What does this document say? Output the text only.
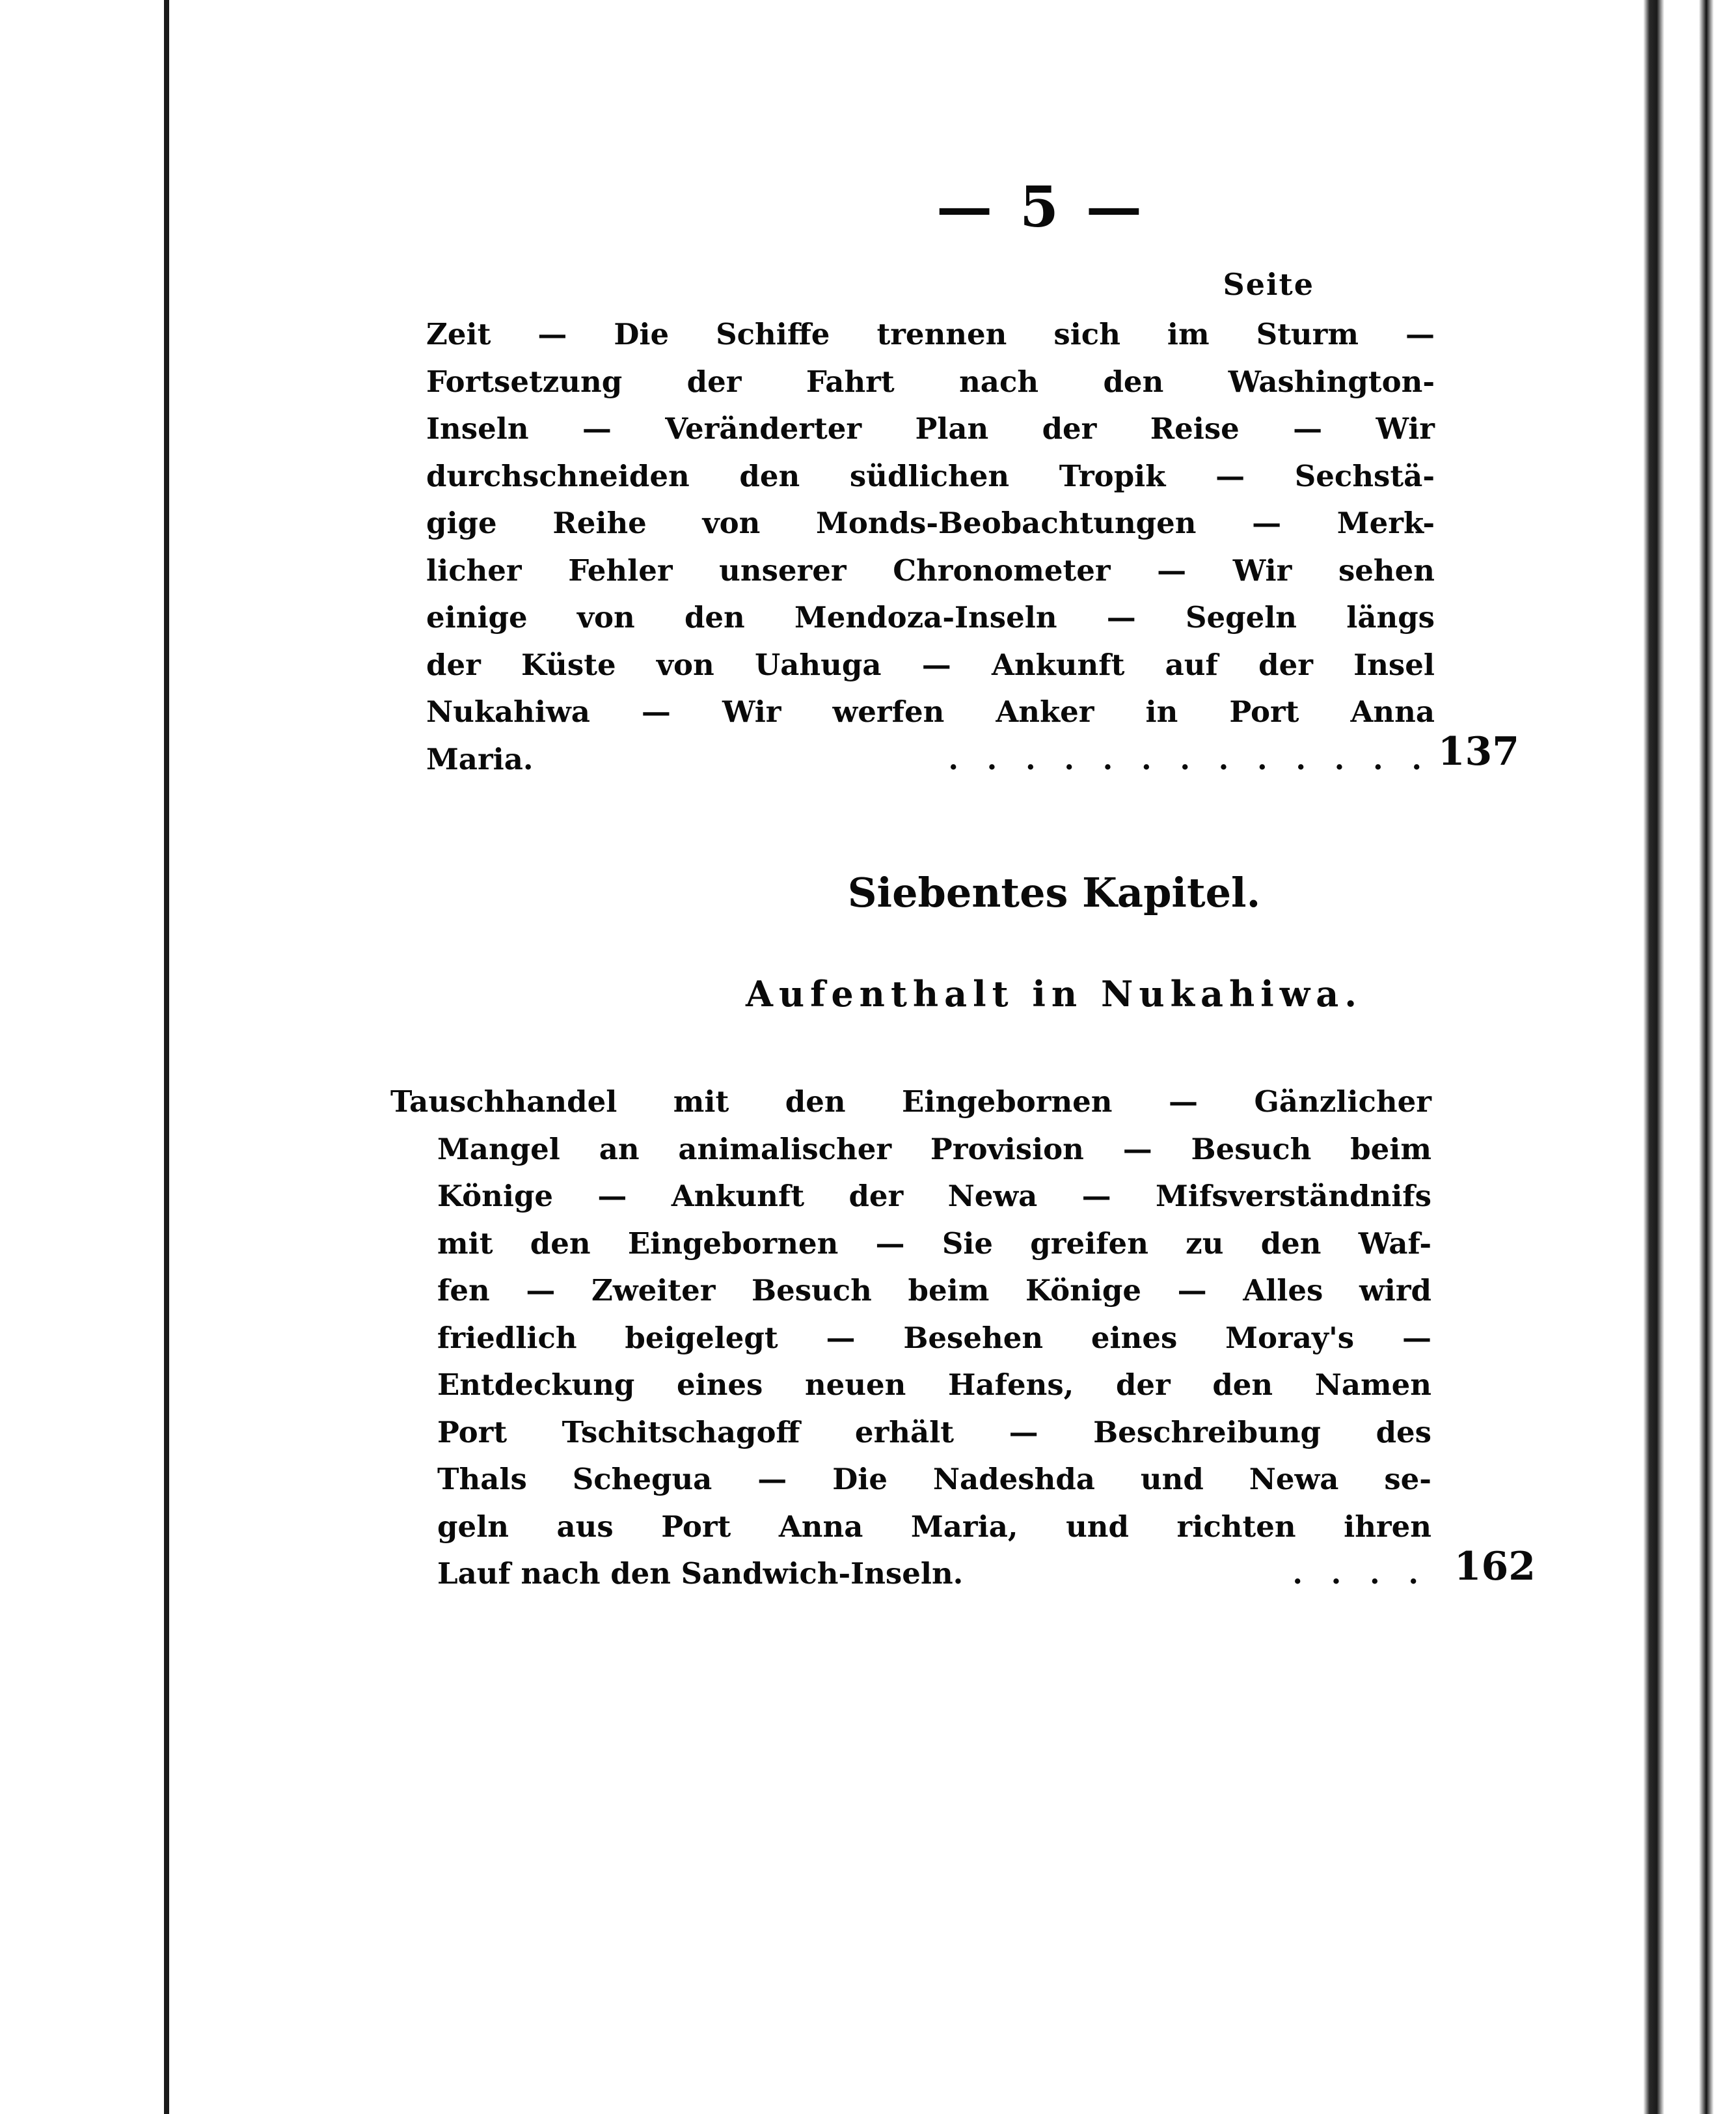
— 5 —
Seite
Zeit — Die Schiffe trennen sich im Sturm —
Fortsetzung der Fahrt nach den Washington-
Inseln — Veränderter Plan der Reise — Wir
durchschneiden den südlichen Tropik — Sechstä-
gige Reihe von Monds-Beobachtungen — Merk-
licher Fehler unserer Chronometer — Wir sehen
einige von den Mendoza-Inseln — Segeln längs
der Küste von Uahuga — Ankunft auf der Insel
Nukahiwa — Wir werfen Anker in Port Anna
Maria.	. . . . . . . . . . . . . 137
Siebentes Kapitel.
Aufenthalt in Nukahiwa.
Tauschhandel mit den Eingebornen — Gänzlicher
Mangel an animalischer Provision — Besuch beim
Könige — Ankunft der Newa — Mifsverständnifs
mit den Eingebornen — Sie greifen zu den Waf-
fen — Zweiter Besuch beim Könige — Alles wird
friedlich beigelegt — Besehen eines Moray's —
Entdeckung eines neuen Hafens, der den Namen
Port Tschitschagoff erhält — Beschreibung des
Thals Schegua — Die Nadeshda und Newa se-
geln aus Port Anna Maria, und richten ihren
Lauf nach den Sandwich-Inseln.	. . . . 162
